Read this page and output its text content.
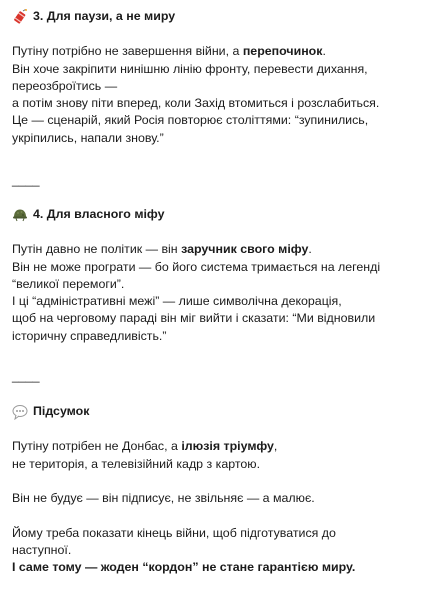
3. Для паузи, а не миру
Путіну потрібно не завершення війни, а перепочинок.
Він хоче закріпити нинішню лінію фронту, перевести дихання,
переозброїтись —
а потім знову піти вперед, коли Захід втомиться і розслабиться.
Це — сценарій, який Росія повторює століттями: “зупинились,
укріпились, напали знову.”
____
4. Для власного міфу
Путін давно не політик — він заручник свого міфу.
Він не може програти — бо його система тримається на легенді
“великої перемоги”.
І ці “адміністративні межі” — лише символічна декорація,
щоб на черговому параді він міг вийти і сказати: “Ми відновили
історичну справедливість.”
____
Підсумок
Путіну потрібен не Донбас, а ілюзія тріумфу,
не територія, а телевізійний кадр з картою.

Він не будує — він підписує, не звільняє — а малює.

Йому треба показати кінець війни, щоб підготуватися до
наступної.
І саме тому — жоден “кордон” не стане гарантією миру.
